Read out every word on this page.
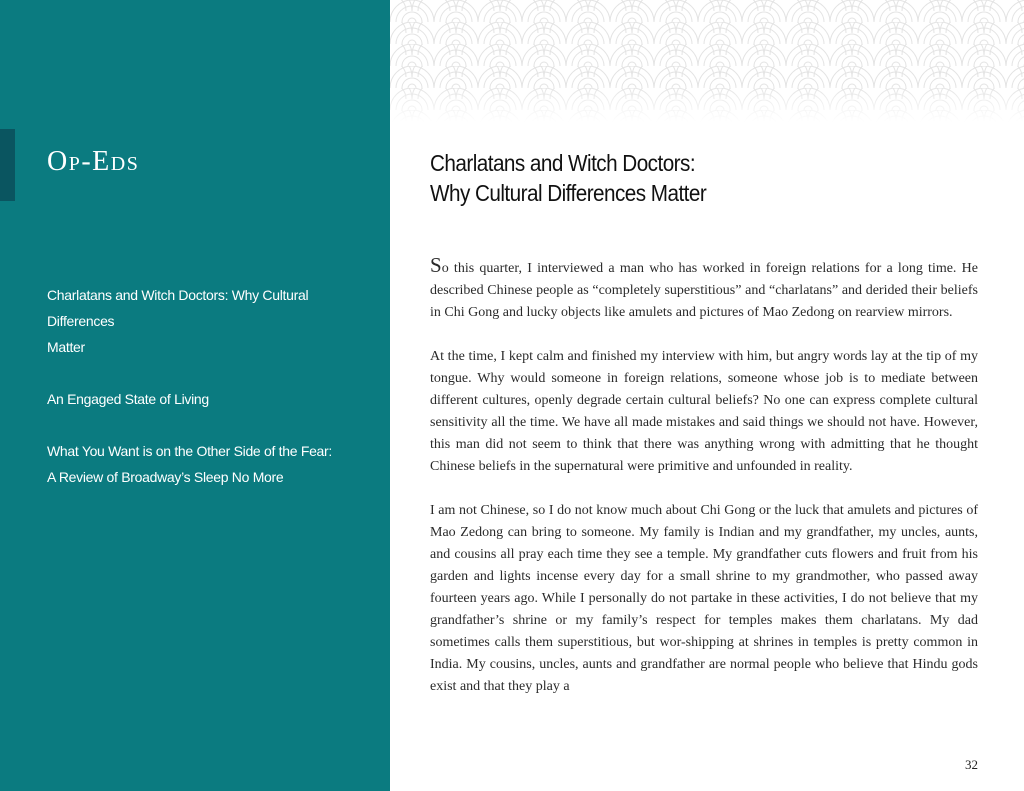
Op-Eds
Charlatans and Witch Doctors: Why Cultural Differences
Matter
An Engaged State of Living
What You Want is on the Other Side of the Fear:
A Review of Broadway’s Sleep No More
Charlatans and Witch Doctors:
Why Cultural Differences Matter

So this quarter, I interviewed a man who has worked in foreign relations for a long time. He described Chinese people as “completely superstitious” and “charlatans” and derided their beliefs in Chi Gong and lucky objects like amulets and pictures of Mao Zedong on rearview mirrors.

At the time, I kept calm and finished my interview with him, but angry words lay at the tip of my tongue. Why would someone in foreign relations, someone whose job is to mediate between different cultures, openly degrade certain cultural beliefs? No one can express complete cultural sensitivity all the time. We have all made mistakes and said things we should not have. However, this man did not seem to think that there was anything wrong with admitting that he thought Chinese beliefs in the supernatural were primitive and unfounded in reality.

I am not Chinese, so I do not know much about Chi Gong or the luck that amulets and pictures of Mao Zedong can bring to someone. My family is Indian and my grandfather, my uncles, aunts, and cousins all pray each time they see a temple. My grandfather cuts flowers and fruit from his garden and lights incense every day for a small shrine to my grandmother, who passed away fourteen years ago. While I personally do not partake in these activities, I do not believe that my grandfather’s shrine or my family’s respect for temples makes them charlatans. My dad sometimes calls them superstitious, but wor-shipping at shrines in temples is pretty common in India. My cousins, uncles, aunts and grandfather are normal people who believe that Hindu gods exist and that they play a

32
